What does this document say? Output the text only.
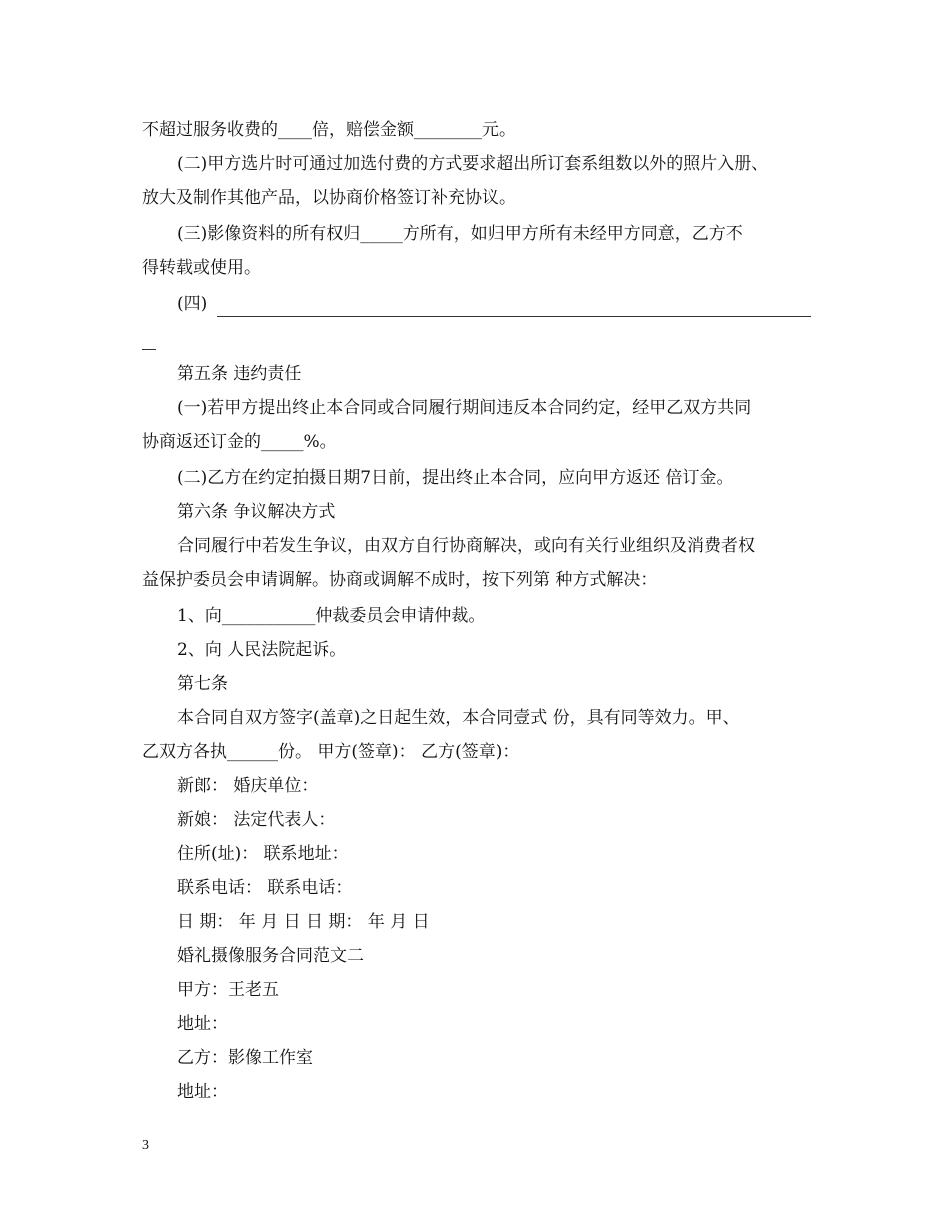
不超过服务收费的____倍，赔偿金额________元。
(二)甲方选片时可通过加选付费的方式要求超出所订套系组数以外的照片入册、
放大及制作其他产品，以协商价格签订补充协议。
(三)影像资料的所有权归_____方所有，如归甲方所有未经甲方同意，乙方不
得转载或使用。
(四)
第五条 违约责任
(一)若甲方提出终止本合同或合同履行期间违反本合同约定，经甲乙双方共同
协商返还订金的_____%。
(二)乙方在约定拍摄日期7日前，提出终止本合同，应向甲方返还 倍订金。
第六条 争议解决方式
合同履行中若发生争议，由双方自行协商解决，或向有关行业组织及消费者权
益保护委员会申请调解。协商或调解不成时，按下列第 种方式解决：
1、向___________仲裁委员会申请仲裁。
2、向 人民法院起诉。
第七条
本合同自双方签字(盖章)之日起生效，本合同壹式 份，具有同等效力。甲、
乙双方各执______份。 甲方(签章)： 乙方(签章)：
新郎： 婚庆单位：
新娘： 法定代表人：
住所(址)： 联系地址：
联系电话： 联系电话：
日 期： 年 月 日 日 期： 年 月 日
婚礼摄像服务合同范文二
甲方：王老五
地址：
乙方：影像工作室
地址：
3
